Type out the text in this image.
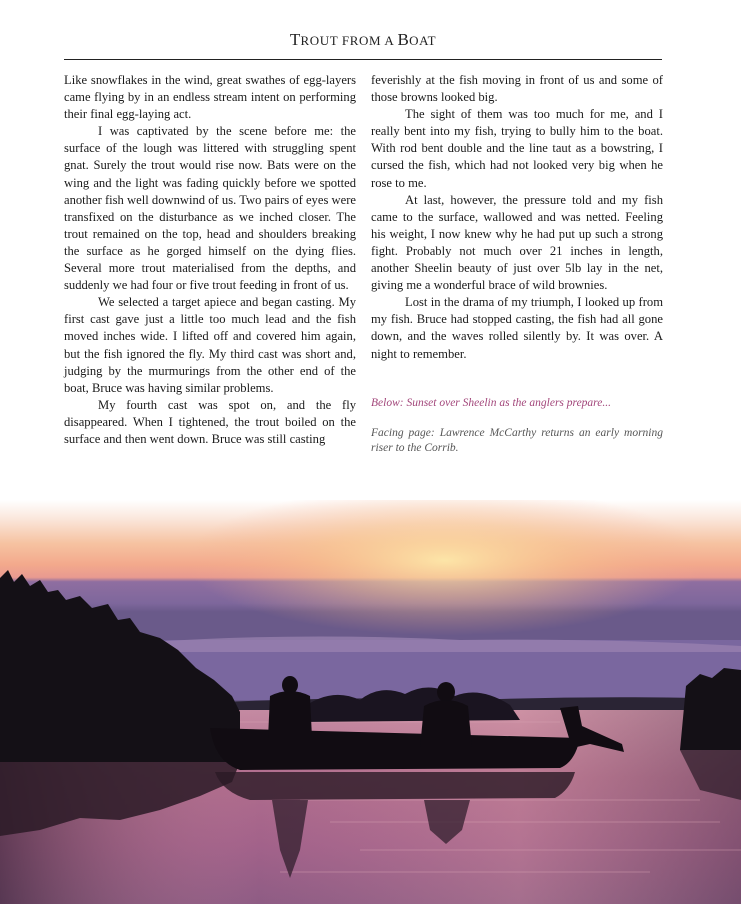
TROUT FROM A BOAT

Like snowflakes in the wind, great swathes of egg-layers came flying by in an endless stream intent on performing their final egg-laying act.

I was captivated by the scene before me: the surface of the lough was littered with struggling spent gnat. Surely the trout would rise now. Bats were on the wing and the light was fading quickly before we spotted another fish well downwind of us. Two pairs of eyes were transfixed on the disturbance as we inched closer. The trout remained on the top, head and shoulders breaking the surface as he gorged himself on the dying flies. Several more trout materialised from the depths, and suddenly we had four or five trout feeding in front of us.

We selected a target apiece and began casting. My first cast gave just a little too much lead and the fish moved inches wide. I lifted off and covered him again, but the fish ignored the fly. My third cast was short and, judging by the murmurings from the other end of the boat, Bruce was having similar problems.

My fourth cast was spot on, and the fly disappeared. When I tightened, the trout boiled on the surface and then went down. Bruce was still casting

feverishly at the fish moving in front of us and some of those browns looked big.

The sight of them was too much for me, and I really bent into my fish, trying to bully him to the boat. With rod bent double and the line taut as a bowstring, I cursed the fish, which had not looked very big when he rose to me.

At last, however, the pressure told and my fish came to the surface, wallowed and was netted. Feeling his weight, I now knew why he had put up such a strong fight. Probably not much over 21 inches in length, another Sheelin beauty of just over 5lb lay in the net, giving me a wonderful brace of wild brownies.

Lost in the drama of my triumph, I looked up from my fish. Bruce had stopped casting, the fish had all gone down, and the waves rolled silently by. It was over. A night to remember.

Below: Sunset over Sheelin as the anglers prepare...
Facing page: Lawrence McCarthy returns an early morning riser to the Corrib.
